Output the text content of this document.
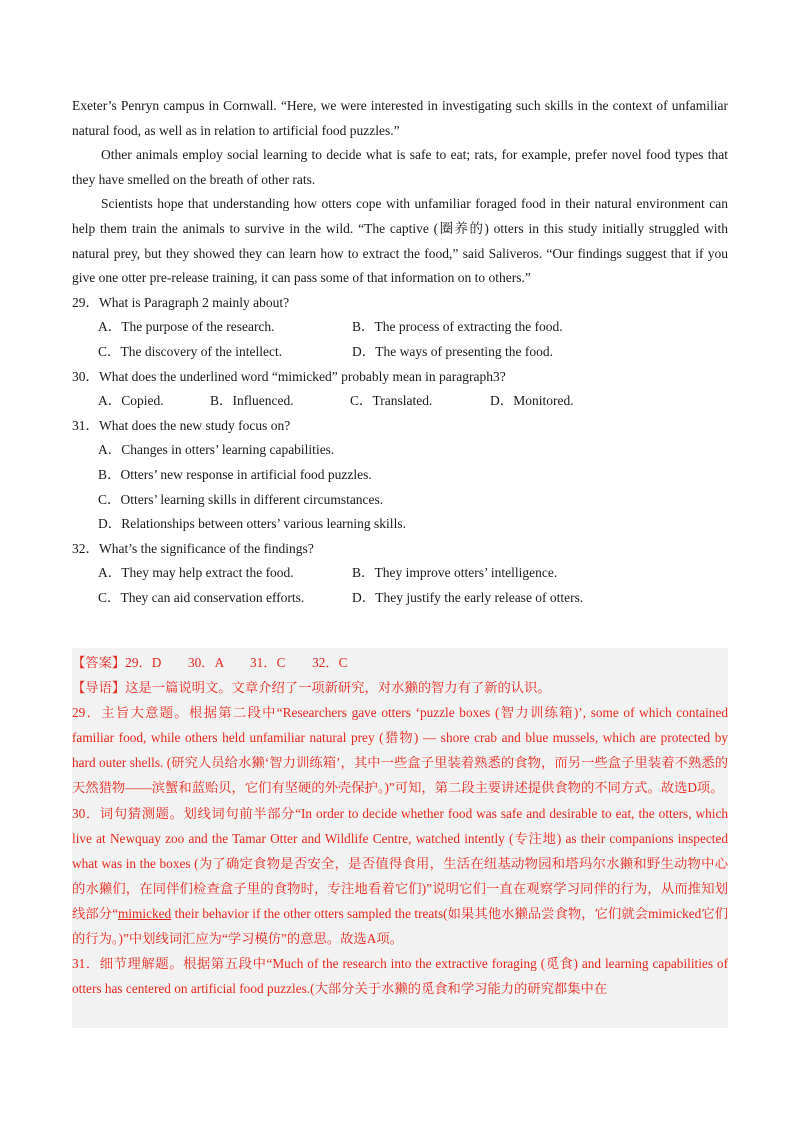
Exeter’s Penryn campus in Cornwall. “Here, we were interested in investigating such skills in the context of unfamiliar natural food, as well as in relation to artificial food puzzles.”

Other animals employ social learning to decide what is safe to eat; rats, for example, prefer novel food types that they have smelled on the breath of other rats.

Scientists hope that understanding how otters cope with unfamiliar foraged food in their natural environment can help them train the animals to survive in the wild. “The captive (圈养的) otters in this study initially struggled with natural prey, but they showed they can learn how to extract the food,” said Saliveros. “Our findings suggest that if you give one otter pre-release training, it can pass some of that information on to others.”

29．What is Paragraph 2 mainly about?

A．The purpose of the research.	B．The process of extracting the food.
C．The discovery of the intellect.	D．The ways of presenting the food.

30．What does the underlined word “mimicked” probably mean in paragraph3?

A．Copied.	B．Influenced.	C．Translated.	D．Monitored.

31．What does the new study focus on?

A．Changes in otters’ learning capabilities.

B．Otters’ new response in artificial food puzzles.

C．Otters’ learning skills in different circumstances.

D．Relationships between otters’ various learning skills.

32．What’s the significance of the findings?

A．They may help extract the food.	B．They improve otters’ intelligence.
C．They can aid conservation efforts.	D．They justify the early release of otters.

【答案】29．D　　30．A　　31．C　　32．C

【导语】这是一篇说明文。文章介绍了一项新研究，对水獭的智力有了新的认识。

29．主旨大意题。根据第二段中“Researchers gave otters ‘puzzle boxes (智力训练箱)’, some of which contained familiar food, while others held unfamiliar natural prey (猎物) — shore crab and blue mussels, which are protected by hard outer shells. (研究人员给水獭‘智力训练箱’，其中一些盒子里装着熟悉的食物，而另一些盒子里装着不熟悉的天然猎物——滨蟹和蓝贻贝，它们有坚硬的外壳保护。)”可知，第二段主要讲述提供食物的不同方式。故选D项。

30．词句猜测题。划线词句前半部分“In order to decide whether food was safe and desirable to eat, the otters, which live at Newquay zoo and the Tamar Otter and Wildlife Centre, watched intently (专注地) as their companions inspected what was in the boxes (为了确定食物是否安全，是否值得食用，生活在纽基动物园和塔玛尔水獭和野生动物中心的水獭们，在同伴们检查盒子里的食物时，专注地看着它们)”说明它们一直在观察学习同伴的行为，从而推知划线部分“mimicked their behavior if the other otters sampled the treats(如果其他水獭品尝食物，它们就会mimicked它们的行为。)”中划线词汇应为“学习模仿”的意思。故选A项。

31．细节理解题。根据第五段中“Much of the research into the extractive foraging (觅食) and learning capabilities of otters has centered on artificial food puzzles.(大部分关于水獭的觅食和学习能力的研究都集中在
